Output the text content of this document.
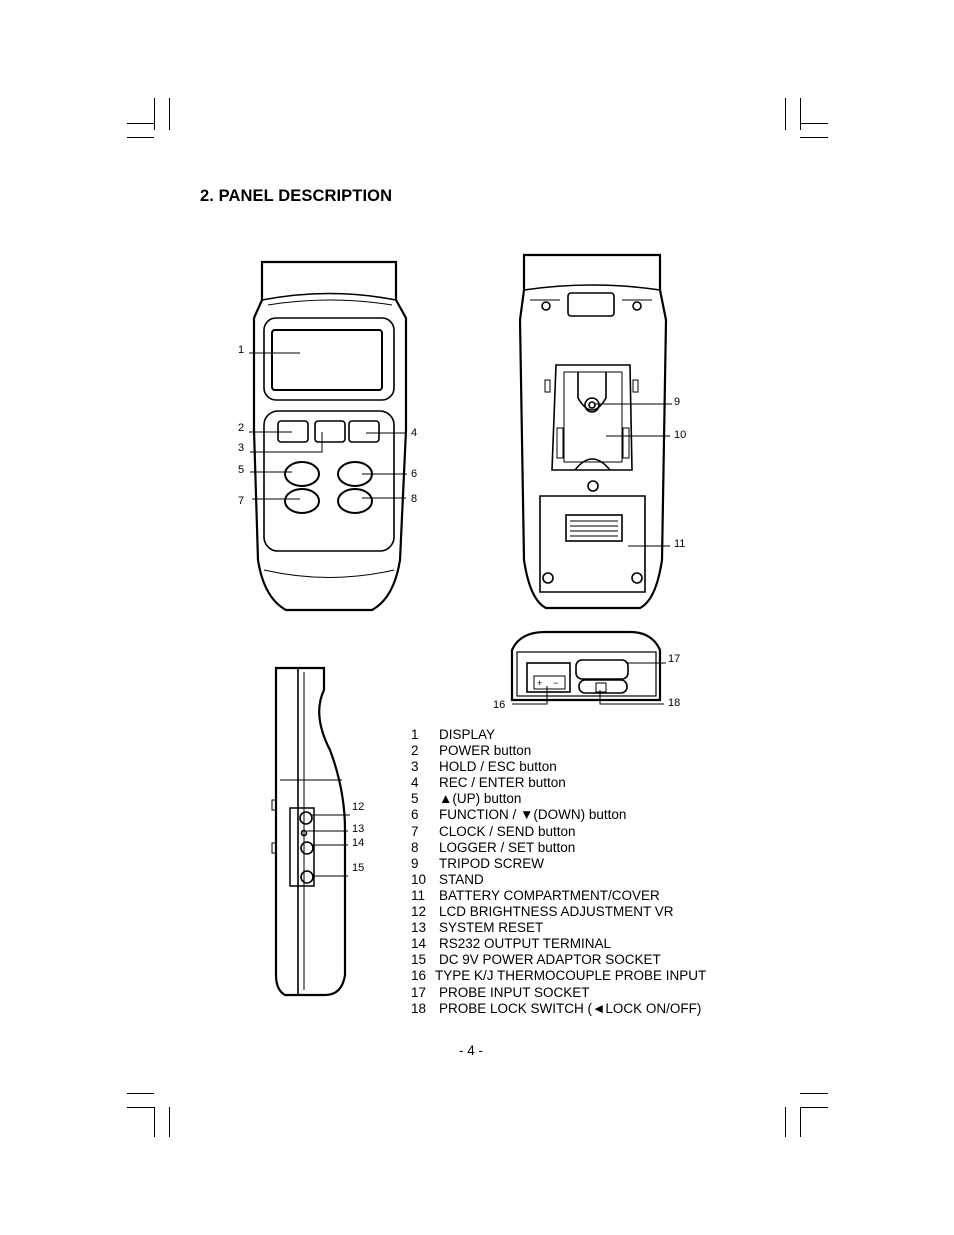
2. PANEL DESCRIPTION
+ −
1
2
3
4
5	6
7	8
9
10
11
12
13
14
15
16
17
18
1	DISPLAY
2	POWER button
3	HOLD / ESC button
4	REC / ENTER button
5	▲(UP) button
6	FUNCTION / ▼(DOWN) button
7	CLOCK / SEND button
8	LOGGER / SET button
9	TRIPOD SCREW
10 STAND
11	BATTERY COMPARTMENT/COVER
12 LCD BRIGHTNESS ADJUSTMENT VR
13 SYSTEM RESET
14 RS232 OUTPUT TERMINAL
15 DC 9V POWER ADAPTOR SOCKET
16 TYPE K/J THERMOCOUPLE PROBE INPUT
17 PROBE INPUT SOCKET
18 PROBE LOCK SWITCH (◄LOCK ON/OFF)
- 4 -
